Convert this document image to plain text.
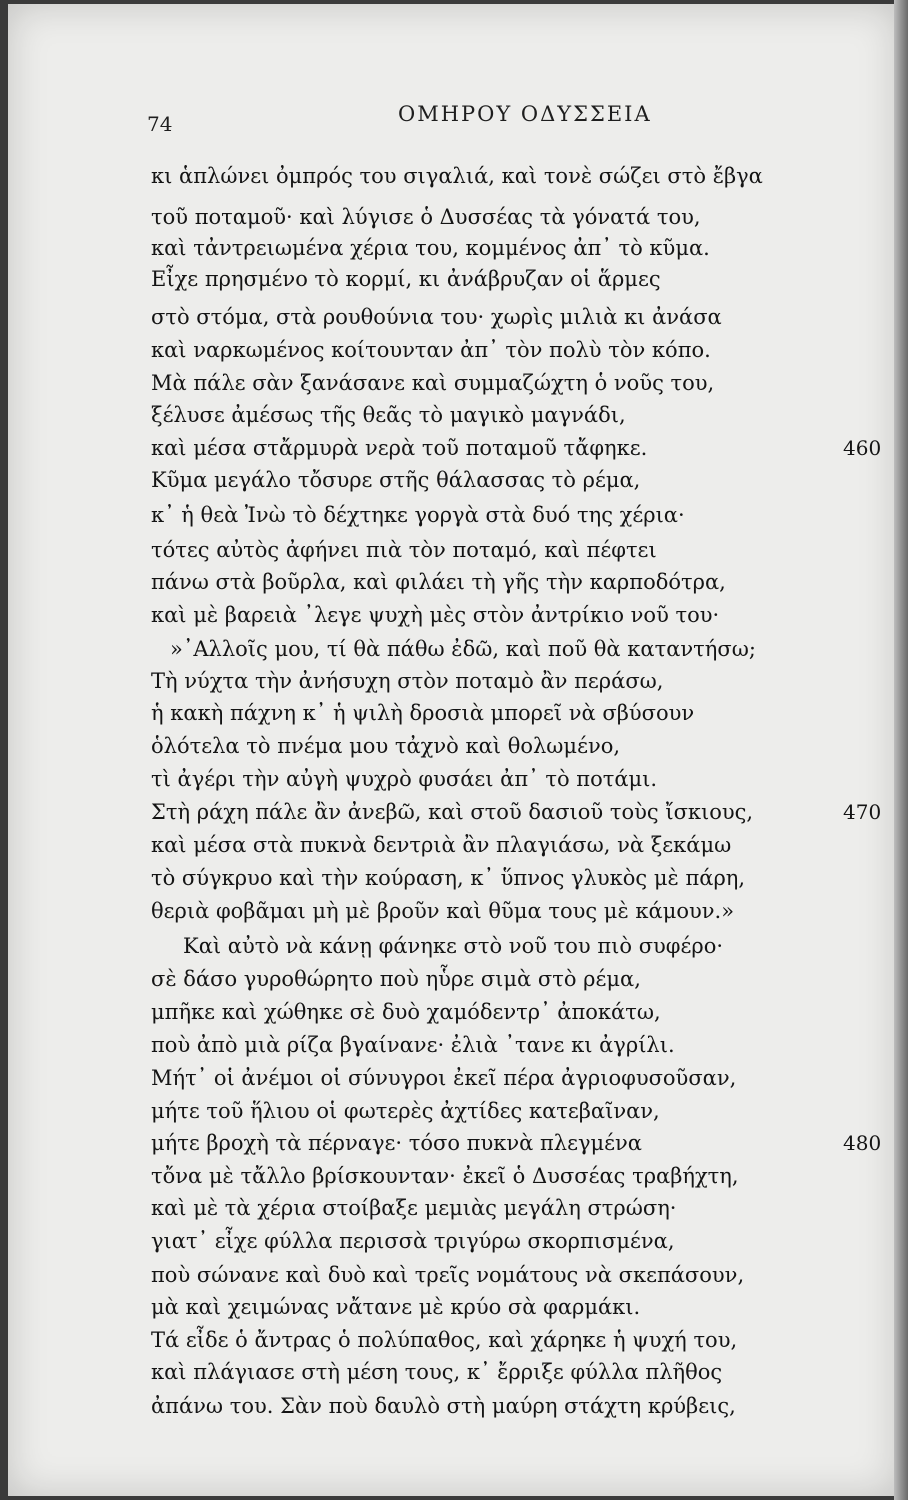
74	ΟΜΗΡΟΥ ΟΔΥΣΣΕΙΑ
κι ἁπλώνει ὀμπρός του σιγαλιά, καὶ τονὲ σώζει στὸ ἔβγα
τοῦ ποταμοῦ· καὶ λύγισε ὁ Δυσσέας τὰ γόνατά του,
καὶ τἀντρειωμένα χέρια του, κομμένος ἀπ᾿ τὸ κῦμα.
Εἶχε πρησμένο τὸ κορμί, κι ἀνάβρυζαν οἱ ἅρμες
στὸ στόμα, στὰ ρουθούνια του· χωρὶς μιλιὰ κι ἀνάσα
καὶ ναρκωμένος κοίτουνταν ἀπ᾿ τὸν πολὺ τὸν κόπο.
Μὰ πάλε σὰν ξανάσανε καὶ συμμαζώχτη ὁ νοῦς του,
ξέλυσε ἀμέσως τῆς θεᾶς τὸ μαγικὸ μαγνάδι,
καὶ μέσα στἄρμυρὰ νερὰ τοῦ ποταμοῦ τἄφηκε.
Κῦμα μεγάλο τὄσυρε στῆς θάλασσας τὸ ρέμα,
κ᾿ ἡ θεὰ Ἰνὼ τὸ δέχτηκε γοργὰ στὰ δυό της χέρια·
τότες αὐτὸς ἀφήνει πιὰ τὸν ποταμό, καὶ πέφτει
πάνω στὰ βοῦρλα, καὶ φιλάει τὴ γῆς τὴν καρποδότρα,
καὶ μὲ βαρειὰ ᾿λεγε ψυχὴ μὲς στὸν ἀντρίκιο νοῦ του·
»᾿Αλλοῖς μου, τί θὰ πάθω ἐδῶ, καὶ ποῦ θὰ καταντήσω;
Τὴ νύχτα τὴν ἀνήσυχη στὸν ποταμὸ ἂν περάσω,
ἡ κακὴ πάχνη κ᾿ ἡ ψιλὴ δροσιὰ μπορεῖ νὰ σβύσουν
ὁλότελα τὸ πνέμα μου τἀχνὸ καὶ θολωμένο,
τὶ ἀγέρι τὴν αὐγὴ ψυχρὸ φυσάει ἀπ᾿ τὸ ποτάμι.
Στὴ ράχη πάλε ἂν ἀνεβῶ, καὶ στοῦ δασιοῦ τοὺς ἴσκιους,
καὶ μέσα στὰ πυκνὰ δεντριὰ ἂν πλαγιάσω, νὰ ξεκάμω
τὸ σύγκρυο καὶ τὴν κούραση, κ᾿ ὕπνος γλυκὸς μὲ πάρη,
θεριὰ φοβᾶμαι μὴ μὲ βροῦν καὶ θῦμα τους μὲ κάμουν.»
Καὶ αὐτὸ νὰ κάνῃ φάνηκε στὸ νοῦ του πιὸ συφέρο·
σὲ δάσο γυροθώρητο ποὺ ηὗρε σιμὰ στὸ ρέμα,
μπῆκε καὶ χώθηκε σὲ δυὸ χαμόδεντρ᾿ ἀποκάτω,
ποὺ ἀπὸ μιὰ ρίζα βγαίνανε· ἐλιὰ ᾿τανε κι ἀγρίλι.
Μήτ᾿ οἱ ἀνέμοι οἱ σύνυγροι ἐκεῖ πέρα ἀγριοφυσοῦσαν,
μήτε τοῦ ἥλιου οἱ φωτερὲς ἀχτίδες κατεβαῖναν,
μήτε βροχὴ τὰ πέρναγε· τόσο πυκνὰ πλεγμένα
τὄνα μὲ τἄλλο βρίσκουνταν· ἐκεῖ ὁ Δυσσέας τραβήχτη,
καὶ μὲ τὰ χέρια στοίβαξε μεμιὰς μεγάλη στρώση·
γιατ᾿ εἶχε φύλλα περισσὰ τριγύρω σκορπισμένα,
ποὺ σώνανε καὶ δυὸ καὶ τρεῖς νομάτους νὰ σκεπάσουν,
μὰ καὶ χειμώνας νἄτανε μὲ κρύο σὰ φαρμάκι.
Τά εἶδε ὁ ἄντρας ὁ πολύπαθος, καὶ χάρηκε ἡ ψυχή του,
καὶ πλάγιασε στὴ μέση τους, κ᾿ ἔρριξε φύλλα πλῆθος
ἀπάνω του. Σὰν ποὺ δαυλὸ στὴ μαύρη στάχτη κρύβεις,
460
470
480
